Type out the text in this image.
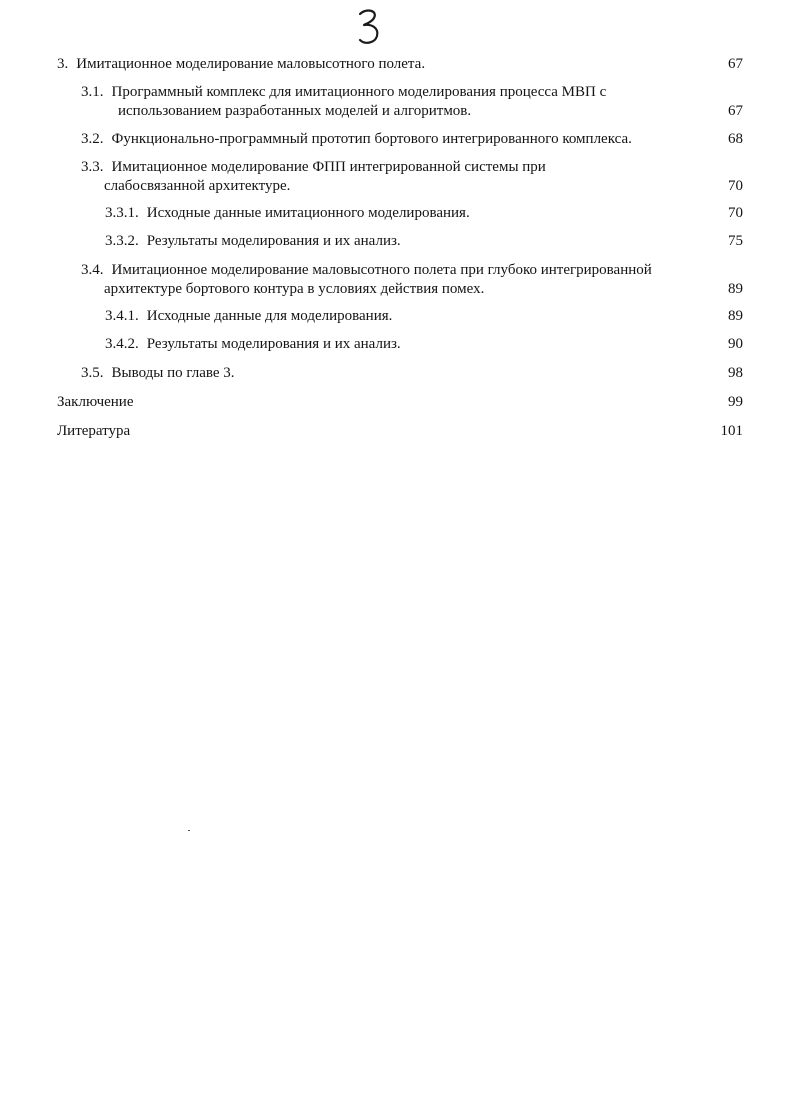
3. Имитационное моделирование маловысотного полета.	67
3.1. Программный комплекс для имитационного моделирования процесса МВП с
использованием разработанных моделей и алгоритмов.	67
3.2. Функционально-программный прототип бортового интегрированного комплекса.	68
3.3. Имитационное моделирование ФПП интегрированной системы при
слабосвязанной архитектуре.	70
3.3.1. Исходные данные имитационного моделирования.	70
3.3.2. Результаты моделирования и их анализ.	75
3.4. Имитационное моделирование маловысотного полета при глубоко интегрированной
архитектуре бортового контура в условиях действия помех.	89
3.4.1. Исходные данные для моделирования.	89
3.4.2. Результаты моделирования и их анализ.	90
3.5. Выводы по главе 3.	98
Заключение	99
Литература	101
